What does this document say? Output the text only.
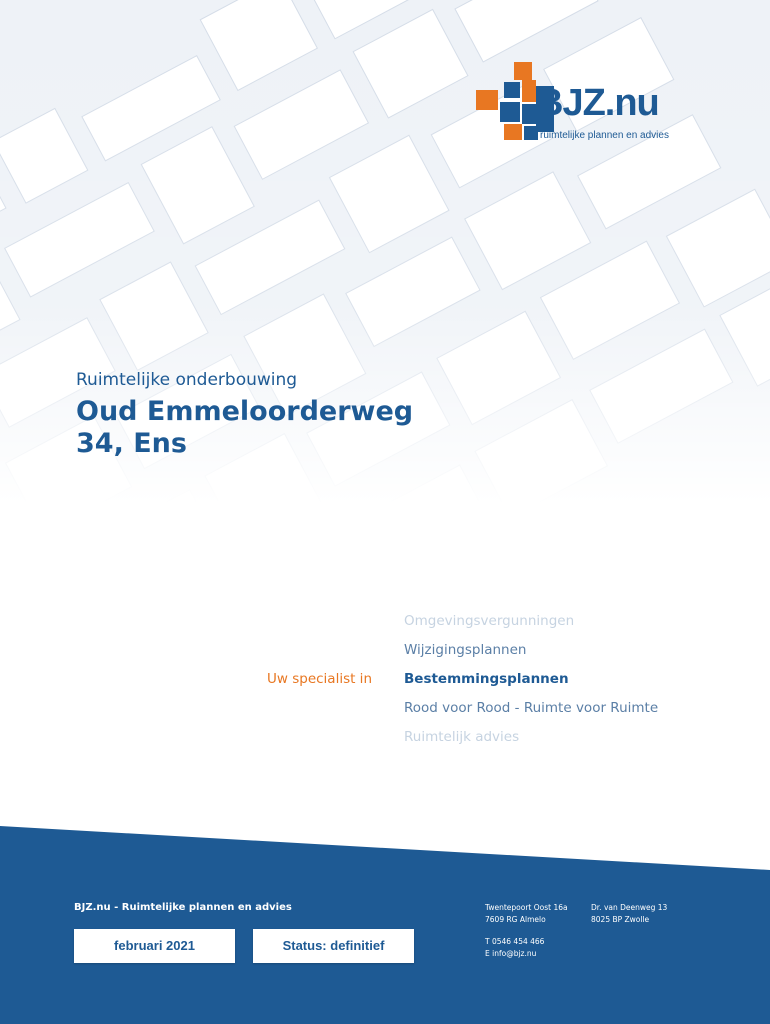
BJZ.nu
ruimtelijke plannen en advies
Ruimtelijke onderbouwing
Oud Emmeloorderweg
34, Ens
Uw specialist in
Omgevingsvergunningen
Wijzigingsplannen
Bestemmingsplannen
Rood voor Rood - Ruimte voor Ruimte
Ruimtelijk advies
BJZ.nu - Ruimtelijke plannen en advies
februari 2021	Status: definitief
Twentepoort Oost 16a
7609 RG Almelo
Dr. van Deenweg 13
8025 BP Zwolle
T 0546 454 466
E info@bjz.nu
